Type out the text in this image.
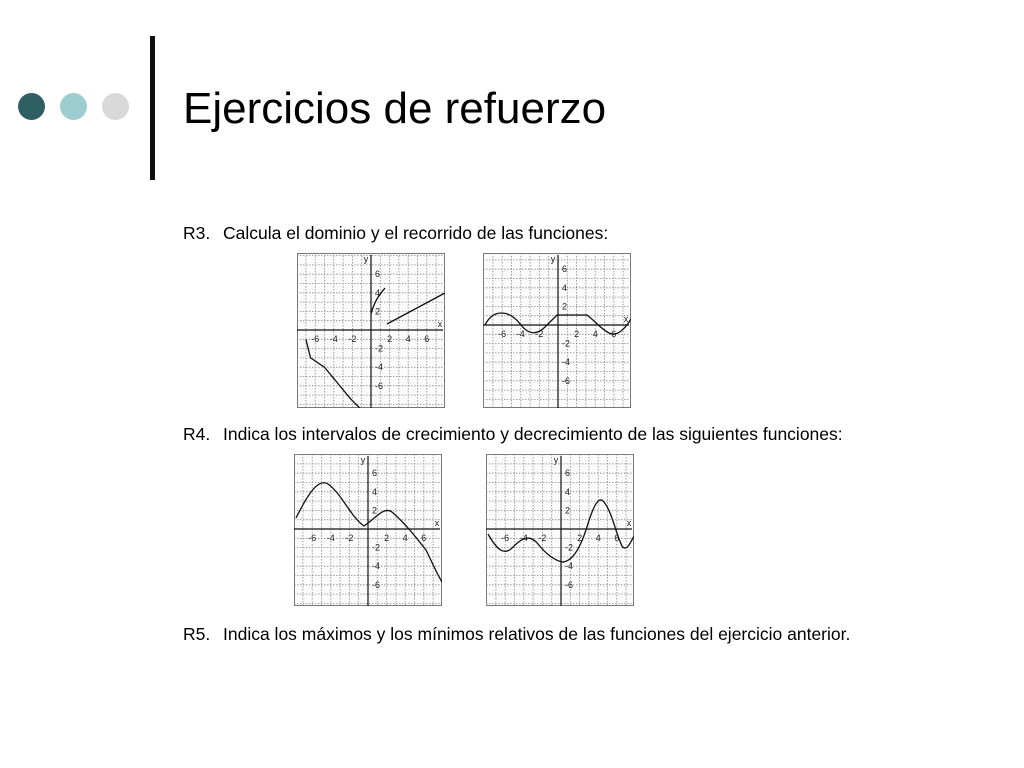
Ejercicios de refuerzo
R3. Calcula el dominio y el recorrido de las funciones:
R4. Indica los intervalos de crecimiento y decrecimiento de las siguientes funciones:
R5. Indica los máximos y los mínimos relativos de las funciones del ejercicio anterior.
-6 -4 -2	2 4 6
6
4
2
-2
-4
-6
x
y
-6 -4 -2	2 4 6
6
4
2
-2
-4
-6
x
y
-6 -4 -2	2 4 6
6
4
2
-2
-4
-6
x
y
-6 -4 -2	2 4 6
6
4
2
-2
-4
-6
x
y
